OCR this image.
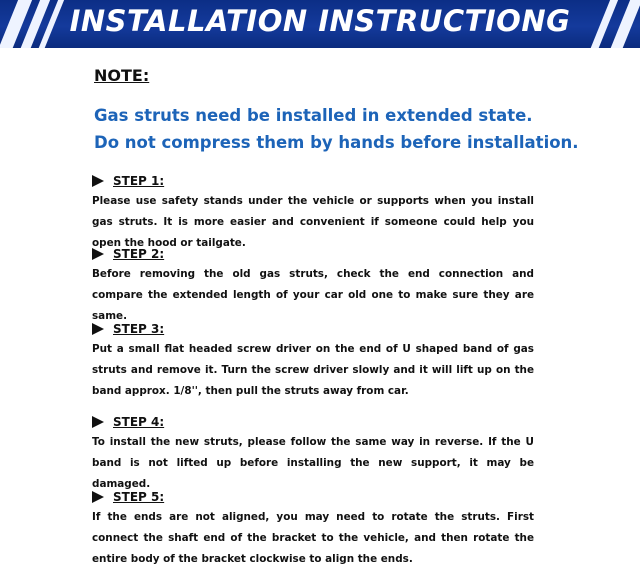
INSTALLATION INSTRUCTIONG
NOTE:
Gas struts need be installed in extended state.
Do not compress them by hands before installation.
STEP 1:
Please use safety stands under the vehicle or supports when you install gas struts. It is more easier and convenient if someone could help you open the hood or tailgate.
STEP 2:
Before removing the old gas struts, check the end connection and compare the extended length of your car old one to make sure they are same.
STEP 3:
Put a small flat headed screw driver on the end of U shaped band of gas struts and remove it. Turn the screw driver slowly and it will lift up on the band approx. 1/8'', then pull the struts away from car.
STEP 4:
To install the new struts, please follow the same way in reverse. If the U band is not lifted up before installing the new support, it may be damaged.
STEP 5:
If the ends are not aligned, you may need to rotate the struts. First connect the shaft end of the bracket to the vehicle, and then rotate the entire body of the bracket clockwise to align the ends.
